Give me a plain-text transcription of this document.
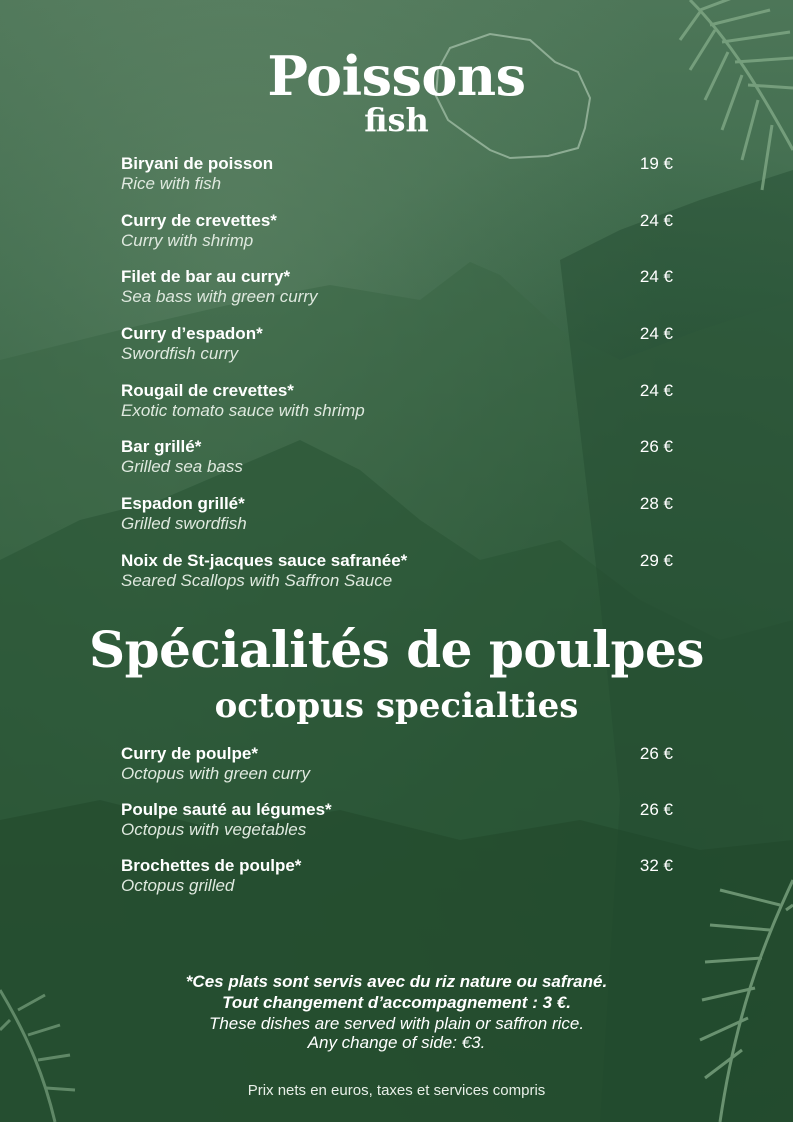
Poissons
fish
Biryani de poisson
Rice with fish
19 €
Curry de crevettes*
Curry with shrimp
24 €
Filet de bar au curry*
Sea bass with green curry
24 €
Curry d’espadon*
Swordfish curry
24 €
Rougail de crevettes*
Exotic tomato sauce with shrimp
24 €
Bar grillé*
Grilled sea bass
26 €
Espadon grillé*
Grilled swordfish
28 €
Noix de St-jacques sauce safranée*
Seared Scallops with Saffron Sauce
29 €
Spécialités de poulpes
octopus specialties
Curry de poulpe*
Octopus with green curry
26 €
Poulpe sauté au légumes*
Octopus with vegetables
26 €
Brochettes de poulpe*
Octopus grilled
32 €
*Ces plats sont servis avec du riz nature ou safrané.
Tout changement d’accompagnement : 3 €.
These dishes are served with plain or saffron rice.
Any change of side: €3.
Prix nets en euros, taxes et services compris
